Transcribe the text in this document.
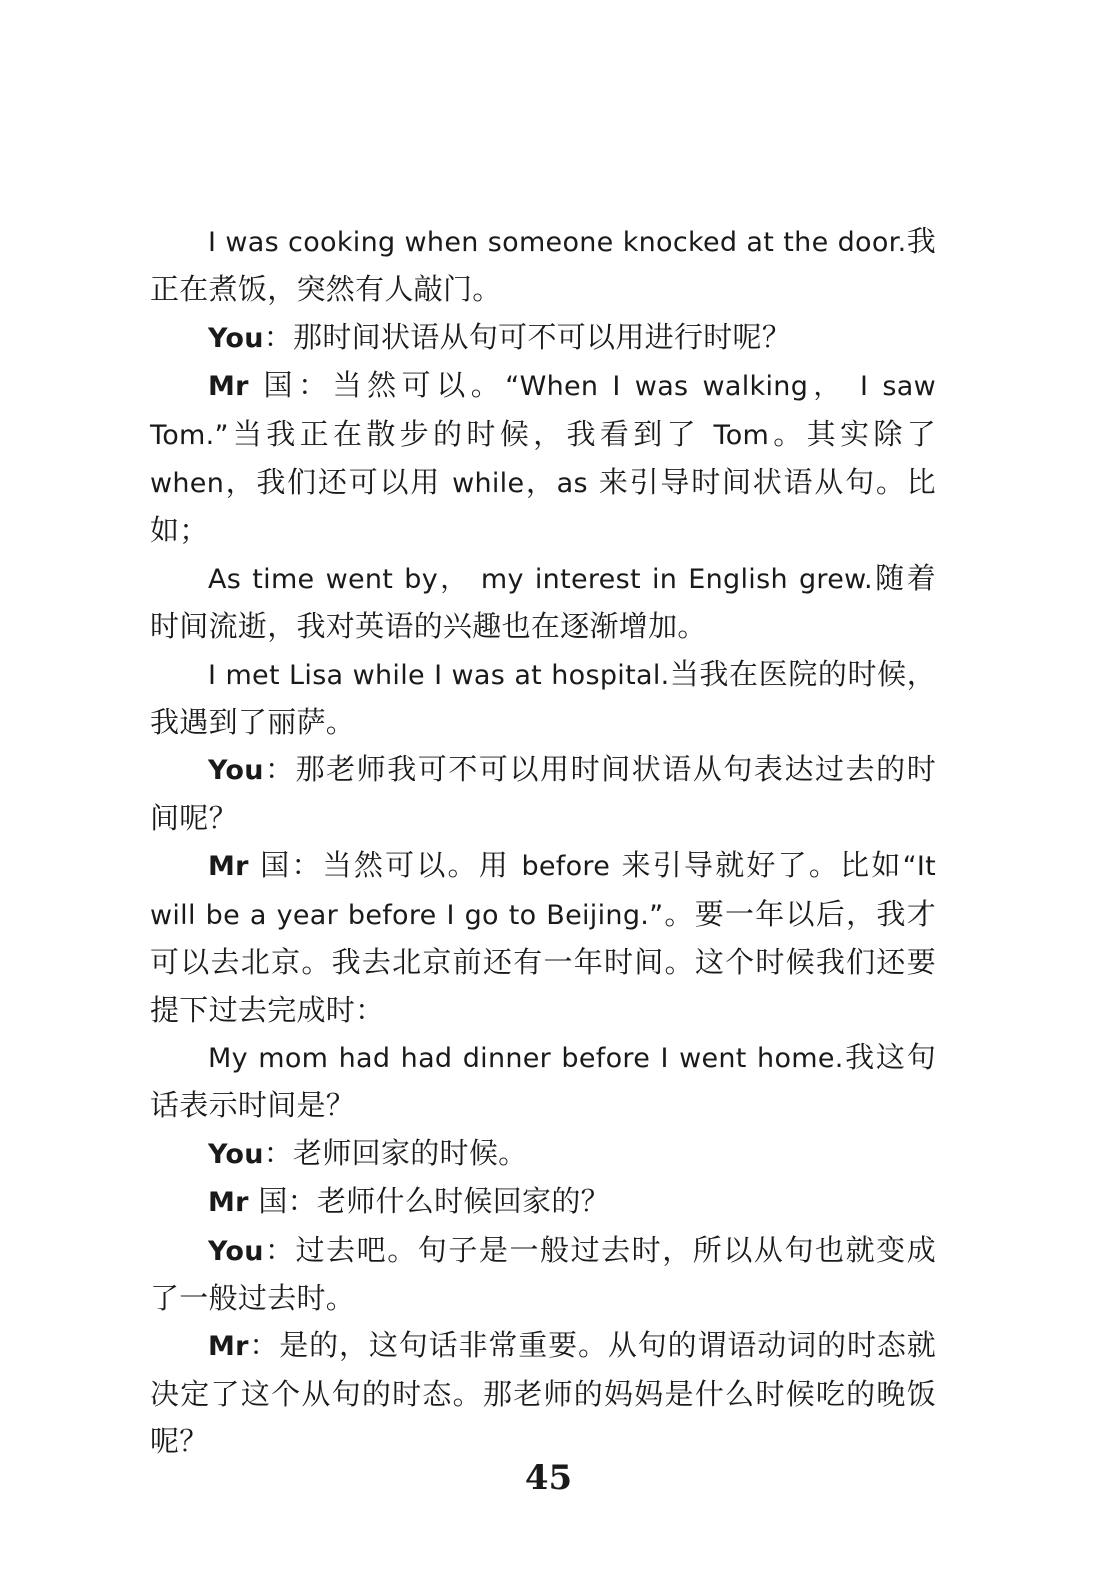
I was cooking when someone knocked at the door.我正在煮饭，突然有人敲门。

You：那时间状语从句可不可以用进行时呢？

Mr 国：当然可以。“When I was walking， I saw Tom.”当我正在散步的时候，我看到了 Tom。其实除了 when，我们还可以用 while，as 来引导时间状语从句。比如；

As time went by， my interest in English grew.随着时间流逝，我对英语的兴趣也在逐渐增加。

I met Lisa while I was at hospital.当我在医院的时候，我遇到了丽萨。

You：那老师我可不可以用时间状语从句表达过去的时间呢？

Mr 国：当然可以。用 before 来引导就好了。比如“It will be a year before I go to Beijing.”。要一年以后，我才可以去北京。我去北京前还有一年时间。这个时候我们还要提下过去完成时：

My mom had had dinner before I went home.我这句话表示时间是？

You：老师回家的时候。

Mr 国：老师什么时候回家的？

You：过去吧。句子是一般过去时，所以从句也就变成了一般过去时。

Mr：是的，这句话非常重要。从句的谓语动词的时态就决定了这个从句的时态。那老师的妈妈是什么时候吃的晚饭呢？

45
